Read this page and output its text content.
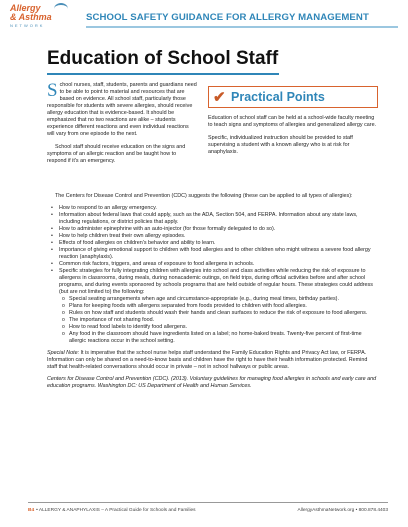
Allergy
& Asthma
NETWORK
SCHOOL SAFETY GUIDANCE FOR ALLERGY MANAGEMENT
Education of School Staff

School nurses, staff, students, parents and guardians need to be able to point to material and resources that are based on evidence. All school staff, particularly those responsible for students with severe allergies, should receive allergy education that is evidence-based. It should be emphasized that no two reactions are alike – students experience different reactions and even individual reactions will vary from one episode to the next.

School staff should receive education on the signs and symptoms of an allergic reaction and be taught how to respond if it's an emergency.

✔ Practical Points

Education of school staff can be held at a school-wide faculty meeting to teach signs and symptoms of allergies and generalized allergy care.

Specific, individualized instruction should be provided to staff supervising a student with a known allergy who is at risk for anaphylaxis.

The Centers for Disease Control and Prevention (CDC) suggests the following (these can be applied to all types of allergies):

• How to respond to an allergy emergency.
• Information about federal laws that could apply, such as the ADA, Section 504, and FERPA. Information about any state laws, including regulations, or district policies that apply.
• How to administer epinephrine with an auto-injector (for those formally delegated to do so).
• How to help children treat their own allergy episodes.
• Effects of food allergies on children's behavior and ability to learn.
• Importance of giving emotional support to children with food allergies and to other children who might witness a severe food allergy reaction (anaphylaxis).
• Common risk factors, triggers, and areas of exposure to food allergens in schools.
• Specific strategies for fully integrating children with allergies into school and class activities while reducing the risk of exposure to allergens in classrooms, during meals, during nonacademic outings, on field trips, during official activities before and after school programs, and during events sponsored by schools programs that are held outside of regular hours. These strategies could address (but are not limited to) the following:
o Special seating arrangements when age and circumstance-appropriate (e.g., during meal times, birthday parties).
o Plans for keeping foods with allergens separated from foods provided to children with food allergies.
o Rules on how staff and students should wash their hands and clean surfaces to reduce the risk of exposure to food allergens.
o The importance of not sharing food.
o How to read food labels to identify food allergens.
o Any food in the classroom should have ingredients listed on a label; no home-baked treats. Twenty-five percent of first-time allergic reactions occur in the school setting.

Special Note: It is imperative that the school nurse helps staff understand the Family Education Rights and Privacy Act law, or FERPA. Information can only be shared on a need-to-know basis and children have the right to have their health information protected. Remind staff that health-related conversations should occur in private – not in school hallways or public areas.

Centers for Disease Control and Prevention (CDC). (2013). Voluntary guidelines for managing food allergies in schools and early care and education programs. Washington DC: US Department of Health and Human Services.

B4 • ALLERGY & ANAPHYLAXIS – A Practical Guide for Schools and Families	AllergyAsthmaNetwork.org • 800.878.4403
